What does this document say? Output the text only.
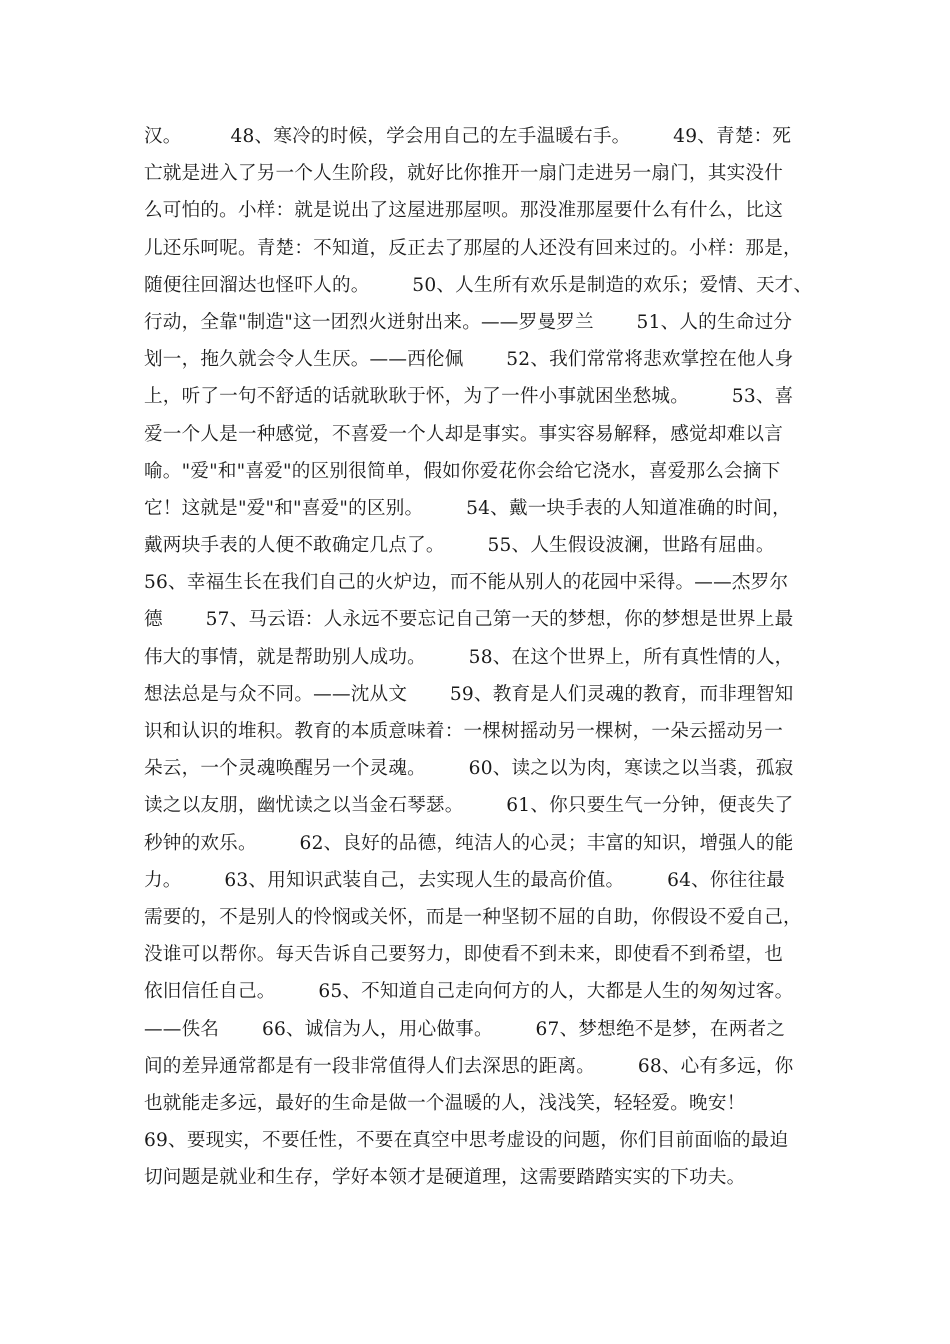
汉。        48、寒冷的时候，学会用自己的左手温暖右手。       49、青楚：死
亡就是进入了另一个人生阶段，就好比你推开一扇门走进另一扇门，其实没什
么可怕的。小样：就是说出了这屋进那屋呗。那没准那屋要什么有什么，比这
儿还乐呵呢。青楚：不知道，反正去了那屋的人还没有回来过的。小样：那是，
随便往回溜达也怪吓人的。       50、人生所有欢乐是制造的欢乐；爱情、天才、
行动，全靠"制造"这一团烈火迸射出来。——罗曼罗兰       51、人的生命过分
划一，拖久就会令人生厌。——西伦佩       52、我们常常将悲欢掌控在他人身
上，听了一句不舒适的话就耿耿于怀，为了一件小事就困坐愁城。       53、喜
爱一个人是一种感觉，不喜爱一个人却是事实。事实容易解释，感觉却难以言
喻。"爱"和"喜爱"的区别很简单，假如你爱花你会给它浇水，喜爱那么会摘下
它！这就是"爱"和"喜爱"的区别。       54、戴一块手表的人知道准确的时间，
戴两块手表的人便不敢确定几点了。       55、人生假设波澜，世路有屈曲。
56、幸福生长在我们自己的火炉边，而不能从别人的花园中采得。——杰罗尔
德       57、马云语：人永远不要忘记自己第一天的梦想，你的梦想是世界上最
伟大的事情，就是帮助别人成功。       58、在这个世界上，所有真性情的人，
想法总是与众不同。——沈从文       59、教育是人们灵魂的教育，而非理智知
识和认识的堆积。教育的本质意味着：一棵树摇动另一棵树，一朵云摇动另一
朵云，一个灵魂唤醒另一个灵魂。       60、读之以为肉，寒读之以当裘，孤寂
读之以友朋，幽忧读之以当金石琴瑟。       61、你只要生气一分钟，便丧失了
秒钟的欢乐。       62、良好的品德，纯洁人的心灵；丰富的知识，增强人的能
力。       63、用知识武装自己，去实现人生的最高价值。       64、你往往最
需要的，不是别人的怜悯或关怀，而是一种坚韧不屈的自助，你假设不爱自己，
没谁可以帮你。每天告诉自己要努力，即使看不到未来，即使看不到希望，也
依旧信任自己。       65、不知道自己走向何方的人，大都是人生的匆匆过客。
——佚名       66、诚信为人，用心做事。       67、梦想绝不是梦，在两者之
间的差异通常都是有一段非常值得人们去深思的距离。       68、心有多远，你
也就能走多远，最好的生命是做一个温暖的人，浅浅笑，轻轻爱。晚安！
69、要现实，不要任性，不要在真空中思考虚设的问题，你们目前面临的最迫
切问题是就业和生存，学好本领才是硬道理，这需要踏踏实实的下功夫。
